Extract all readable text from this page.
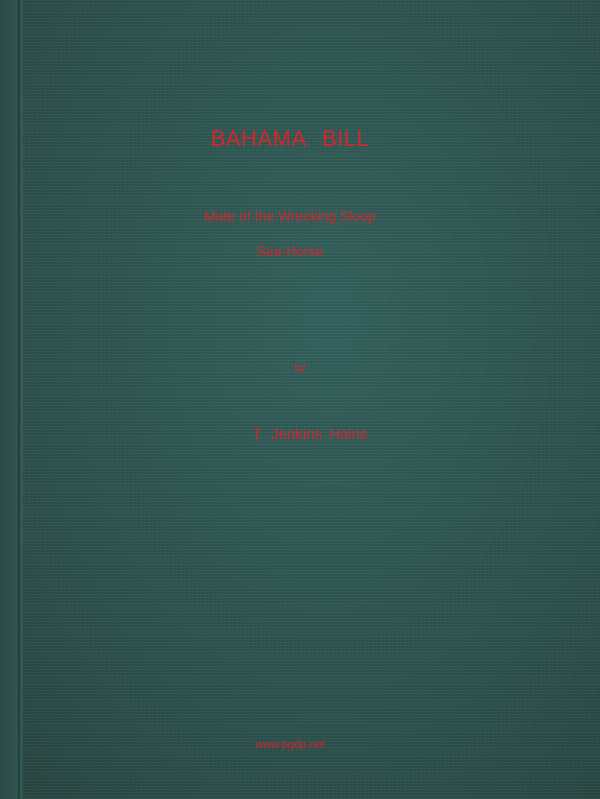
BAHAMA BILL
Mate of the Wrecking Sloop
Sea-Horse
by
T. Jenkins Hains
www.pgdp.net
